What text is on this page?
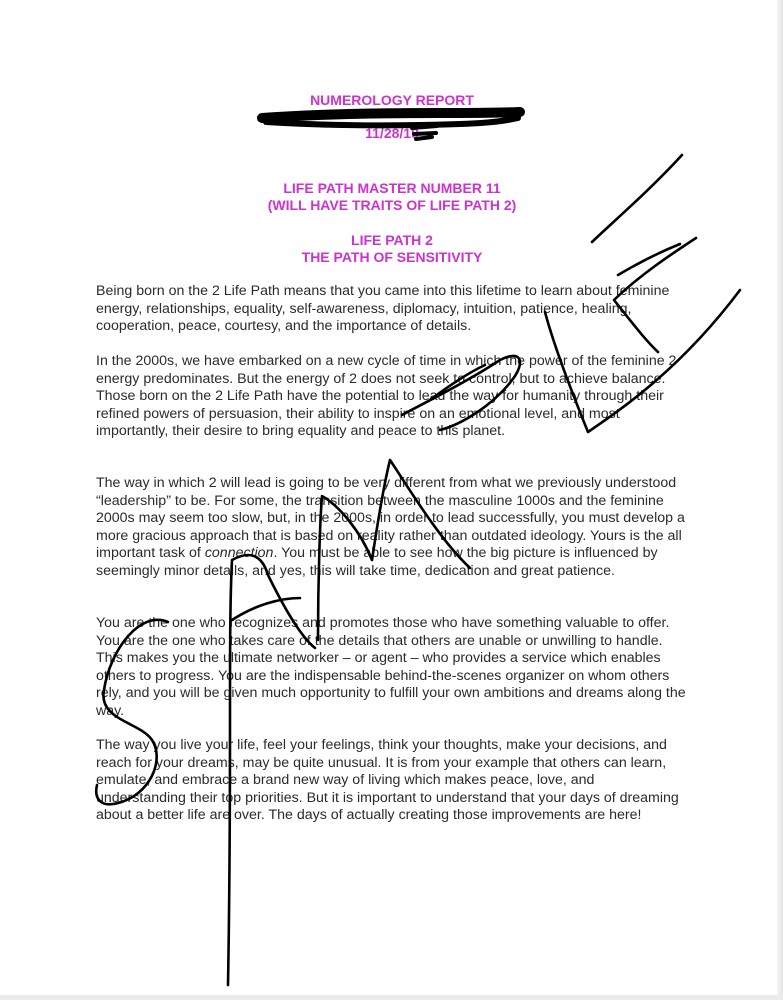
NUMEROLOGY REPORT

11/28/19

LIFE PATH MASTER NUMBER 11

(WILL HAVE TRAITS OF LIFE PATH 2)

LIFE PATH 2

THE PATH OF SENSITIVITY

Being born on the 2 Life Path means that you came into this lifetime to learn about feminine energy, relationships, equality, self-awareness, diplomacy, intuition, patience, healing, cooperation, peace, courtesy, and the importance of details.

In the 2000s, we have embarked on a new cycle of time in which the power of the feminine 2 energy predominates. But the energy of 2 does not seek to control, but to achieve balance. Those born on the 2 Life Path have the potential to lead the way for humanity through their refined powers of persuasion, their ability to inspire on an emotional level, and most importantly, their desire to bring equality and peace to this planet.

The way in which 2 will lead is going to be very different from what we previously understood “leadership” to be. For some, the transition between the masculine 1000s and the feminine 2000s may seem too slow, but, in the 2000s, in order to lead successfully, you must develop a more gracious approach that is based on reality rather than outdated ideology. Yours is the all important task of connection. You must be able to see how the big picture is influenced by seemingly minor details, and yes, this will take time, dedication and great patience.

You are the one who recognizes and promotes those who have something valuable to offer. You are the one who takes care of the details that others are unable or unwilling to handle. This makes you the ultimate networker – or agent – who provides a service which enables others to progress. You are the indispensable behind-the-scenes organizer on whom others rely, and you will be given much opportunity to fulfill your own ambitions and dreams along the way.

The way you live your life, feel your feelings, think your thoughts, make your decisions, and reach for your dreams, may be quite unusual. It is from your example that others can learn, emulate, and embrace a brand new way of living which makes peace, love, and understanding their top priorities. But it is important to understand that your days of dreaming about a better life are over. The days of actually creating those improvements are here!
